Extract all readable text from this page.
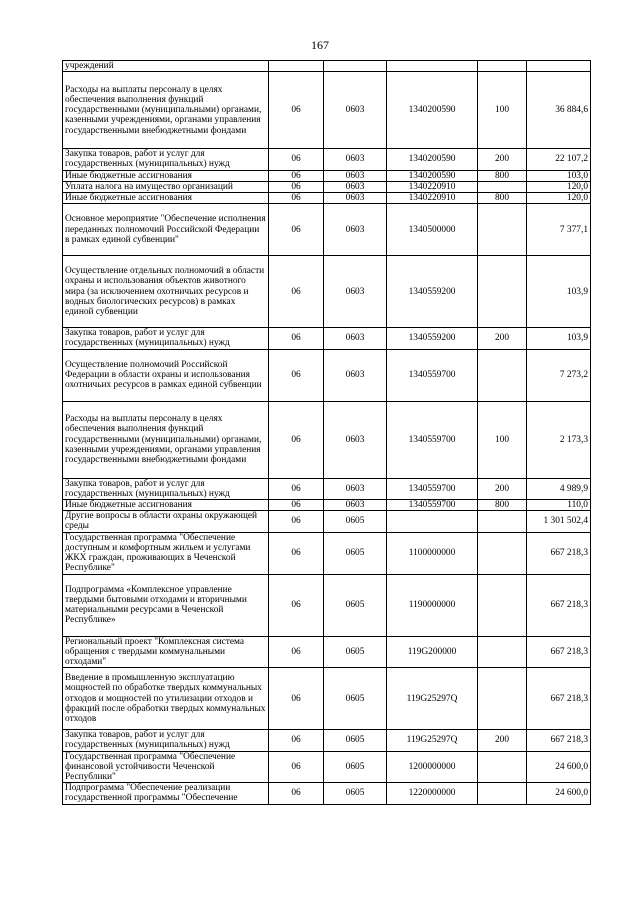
167
учреждений					
Расходы на выплаты персоналу в целях обеспечения выполнения функций государственными (муниципальными) органами, казенными учреждениями, органами управления государственными внебюджетными фондами	06	0603	1340200590	100	36 884,6
Закупка товаров, работ и услуг для государственных (муниципальных) нужд	06	0603	1340200590	200	22 107,2
Иные бюджетные ассигнования	06	0603	1340200590	800	103,0
Уплата налога на имущество организаций	06	0603	1340220910		120,0
Иные бюджетные ассигнования	06	0603	1340220910	800	120,0
Основное мероприятие "Обеспечение исполнения переданных полномочий Российской Федерации в рамках единой субвенции"	06	0603	1340500000		7 377,1
Осуществление отдельных полномочий в области охраны и использования объектов животного мира (за исключением охотничьих ресурсов и водных биологических ресурсов) в рамках единой субвенции	06	0603	1340559200		103,9
Закупка товаров, работ и услуг для государственных (муниципальных) нужд	06	0603	1340559200	200	103,9
Осуществление полномочий Российской Федерации в области охраны и использования охотничьих ресурсов в рамках единой субвенции	06	0603	1340559700		7 273,2
Расходы на выплаты персоналу в целях обеспечения выполнения функций государственными (муниципальными) органами, казенными учреждениями, органами управления государственными внебюджетными фондами	06	0603	1340559700	100	2 173,3
Закупка товаров, работ и услуг для государственных (муниципальных) нужд	06	0603	1340559700	200	4 989,9
Иные бюджетные ассигнования	06	0603	1340559700	800	110,0
Другие вопросы в области охраны окружающей среды	06	0605			1 301 502,4
Государственная программа "Обеспечение доступным и комфортным жильем и услугами ЖКХ граждан, проживающих в Чеченской Республике"	06	0605	1100000000		667 218,3
Подпрограмма «Комплексное управление твердыми бытовыми отходами и вторичными материальными ресурсами в Чеченской Республике»	06	0605	1190000000		667 218,3
Региональный проект "Комплексная система обращения с твердыми коммунальными отходами"	06	0605	119G200000		667 218,3
Введение в промышленную эксплуатацию мощностей по обработке твердых коммунальных отходов и мощностей по утилизации отходов и фракций после обработки твердых коммунальных отходов	06	0605	119G25297Q		667 218,3
Закупка товаров, работ и услуг для государственных (муниципальных) нужд	06	0605	119G25297Q	200	667 218,3
Государственная программа "Обеспечение финансовой устойчивости Чеченской Республики"	06	0605	1200000000		24 600,0
Подпрограмма "Обеспечение реализации государственной программы "Обеспечение	06	0605	1220000000		24 600,0
